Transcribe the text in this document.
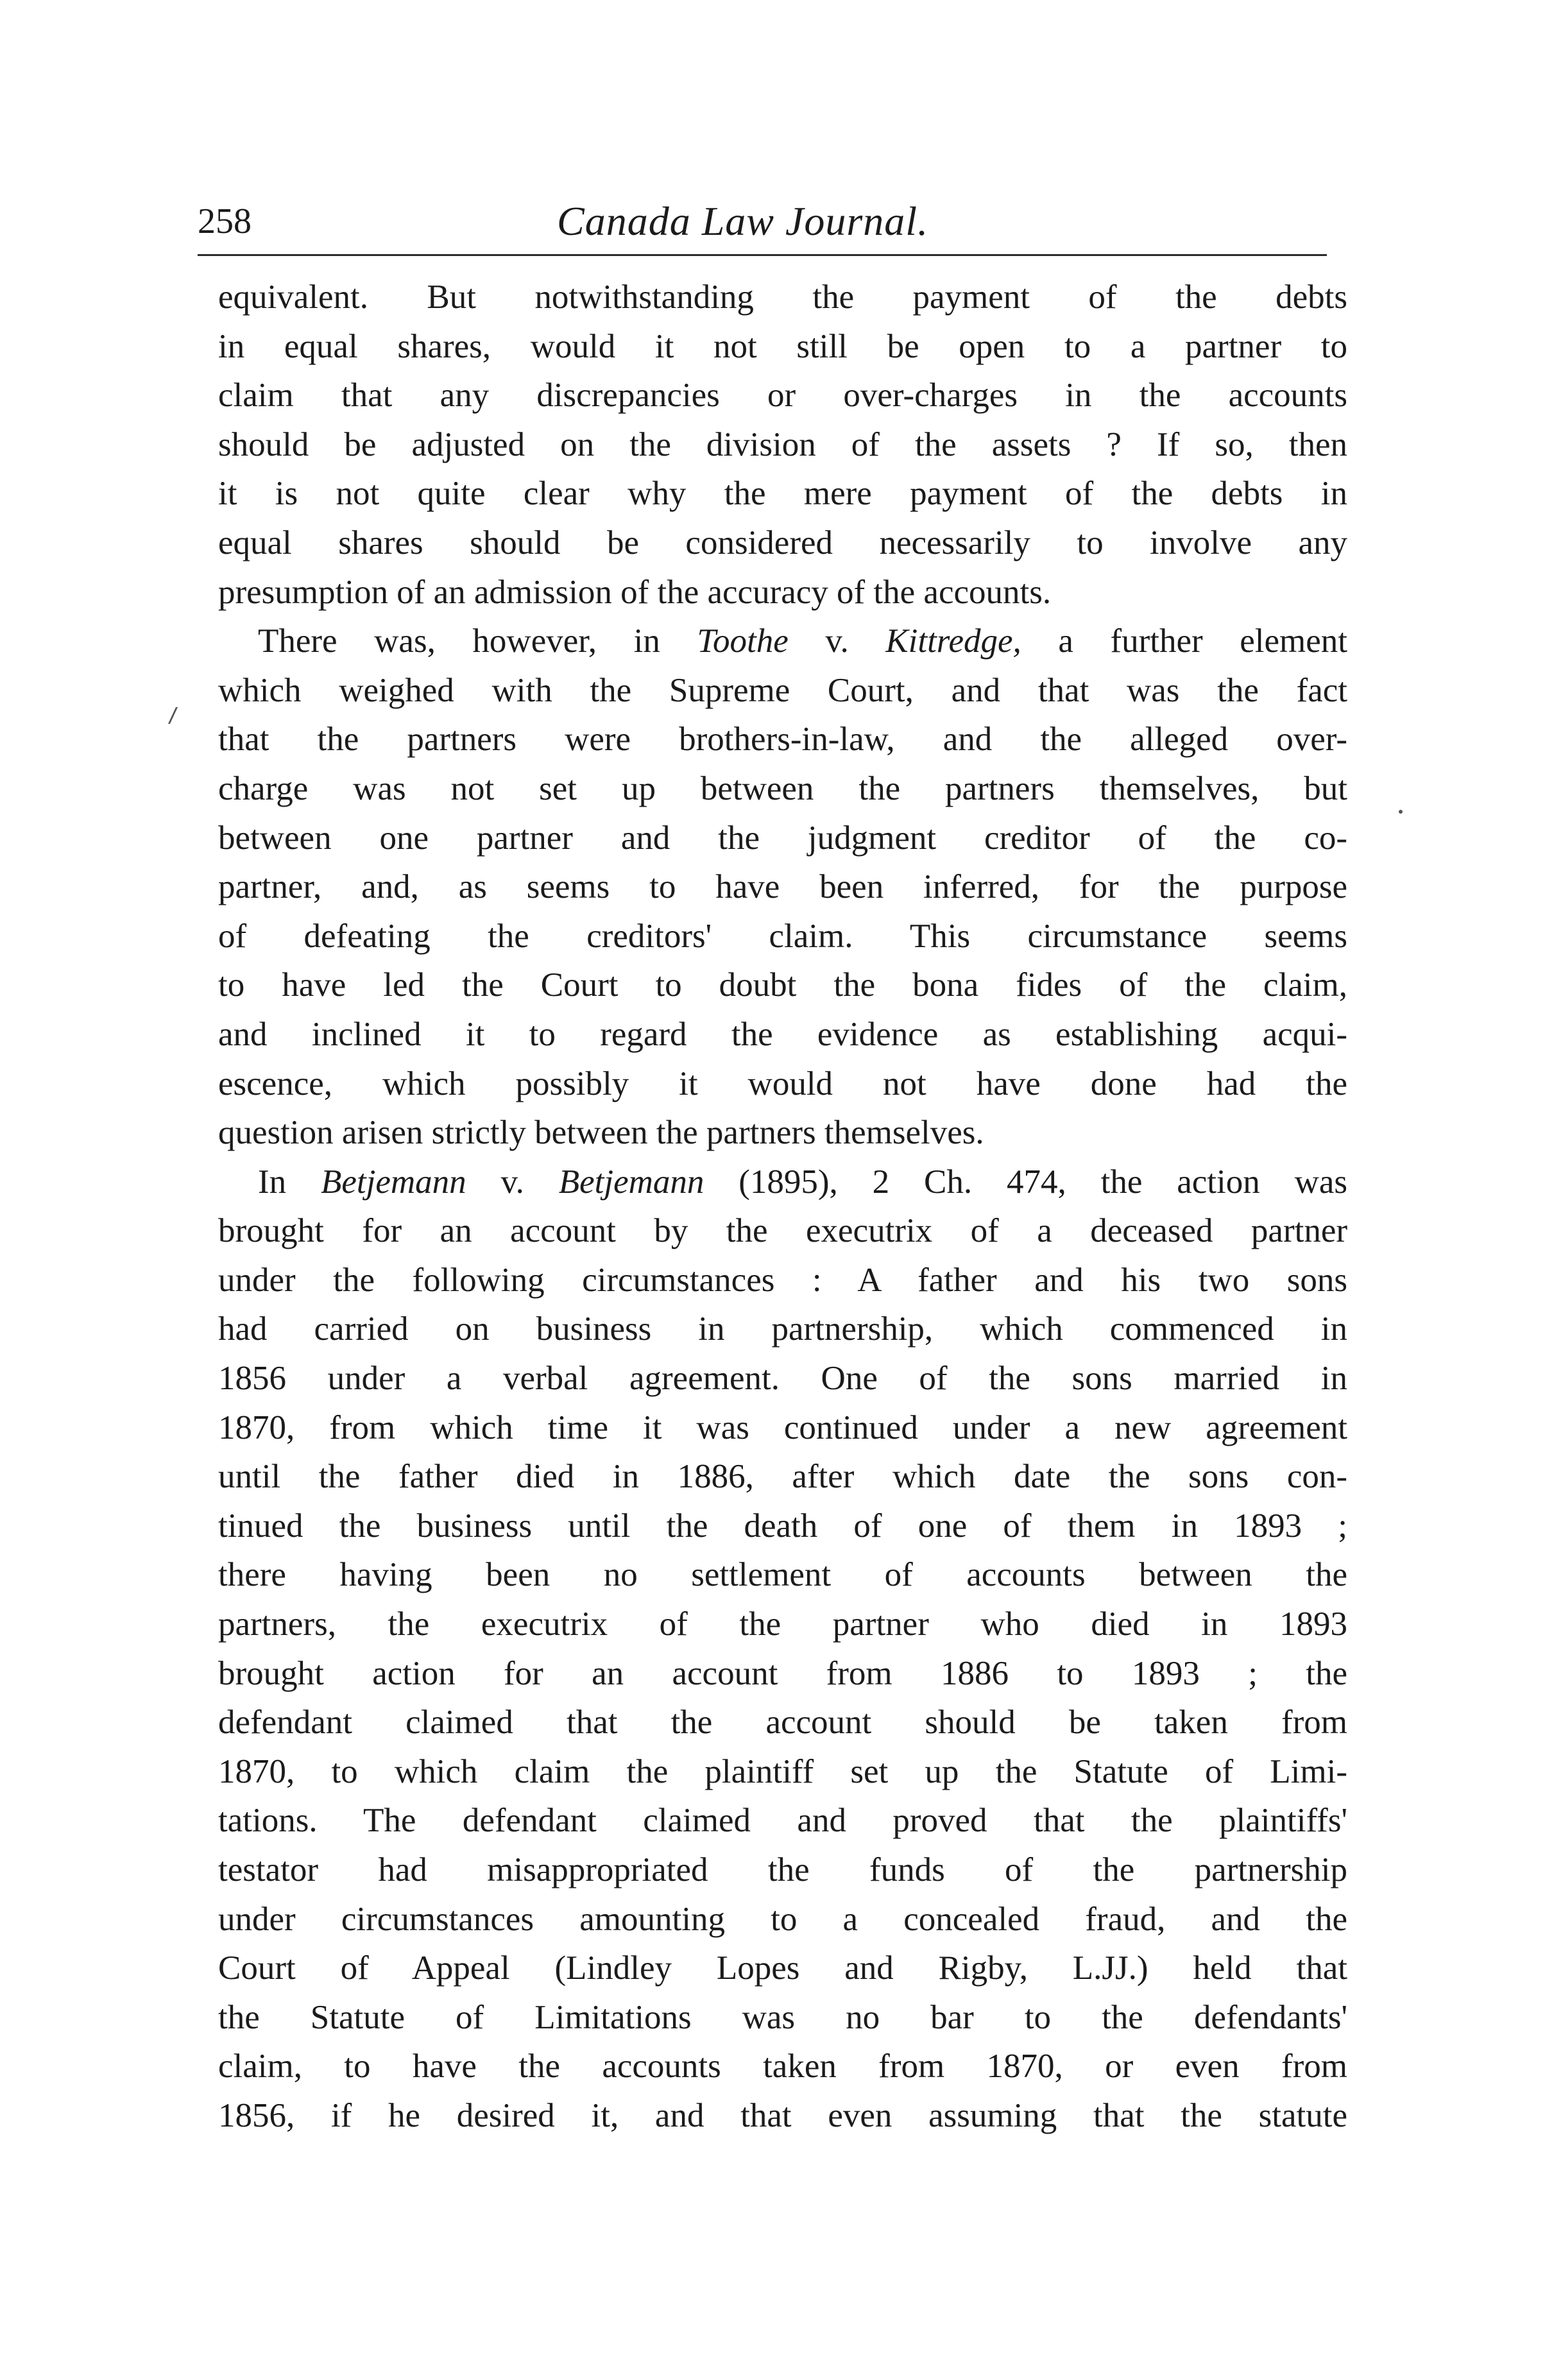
258	Canada Law Journal.
equivalent. But notwithstanding the payment of the debts
in equal shares, would it not still be open to a partner to
claim that any discrepancies or over-charges in the accounts
should be adjusted on the division of the assets ? If so, then
it is not quite clear why the mere payment of the debts in
equal shares should be considered necessarily to involve any
presumption of an admission of the accuracy of the accounts.
There was, however, in Toothe v. Kittredge, a further element
which weighed with the Supreme Court, and that was the fact
that the partners were brothers-in-law, and the alleged over-
charge was not set up between the partners themselves, but
between one partner and the judgment creditor of the co-
partner, and, as seems to have been inferred, for the purpose
of defeating the creditors' claim. This circumstance seems
to have led the Court to doubt the bona fides of the claim,
and inclined it to regard the evidence as establishing acqui-
escence, which possibly it would not have done had the
question arisen strictly between the partners themselves.
In Betjemann v. Betjemann (1895), 2 Ch. 474, the action was
brought for an account by the executrix of a deceased partner
under the following circumstances : A father and his two sons
had carried on business in partnership, which commenced in
1856 under a verbal agreement. One of the sons married in
1870, from which time it was continued under a new agreement
until the father died in 1886, after which date the sons con-
tinued the business until the death of one of them in 1893 ;
there having been no settlement of accounts between the
partners, the executrix of the partner who died in 1893
brought action for an account from 1886 to 1893 ; the
defendant claimed that the account should be taken from
1870, to which claim the plaintiff set up the Statute of Limi-
tations. The defendant claimed and proved that the plaintiffs'
testator had misappropriated the funds of the partnership
under circumstances amounting to a concealed fraud, and the
Court of Appeal (Lindley Lopes and Rigby, L.JJ.) held that
the Statute of Limitations was no bar to the defendants'
claim, to have the accounts taken from 1870, or even from
1856, if he desired it, and that even assuming that the statute
